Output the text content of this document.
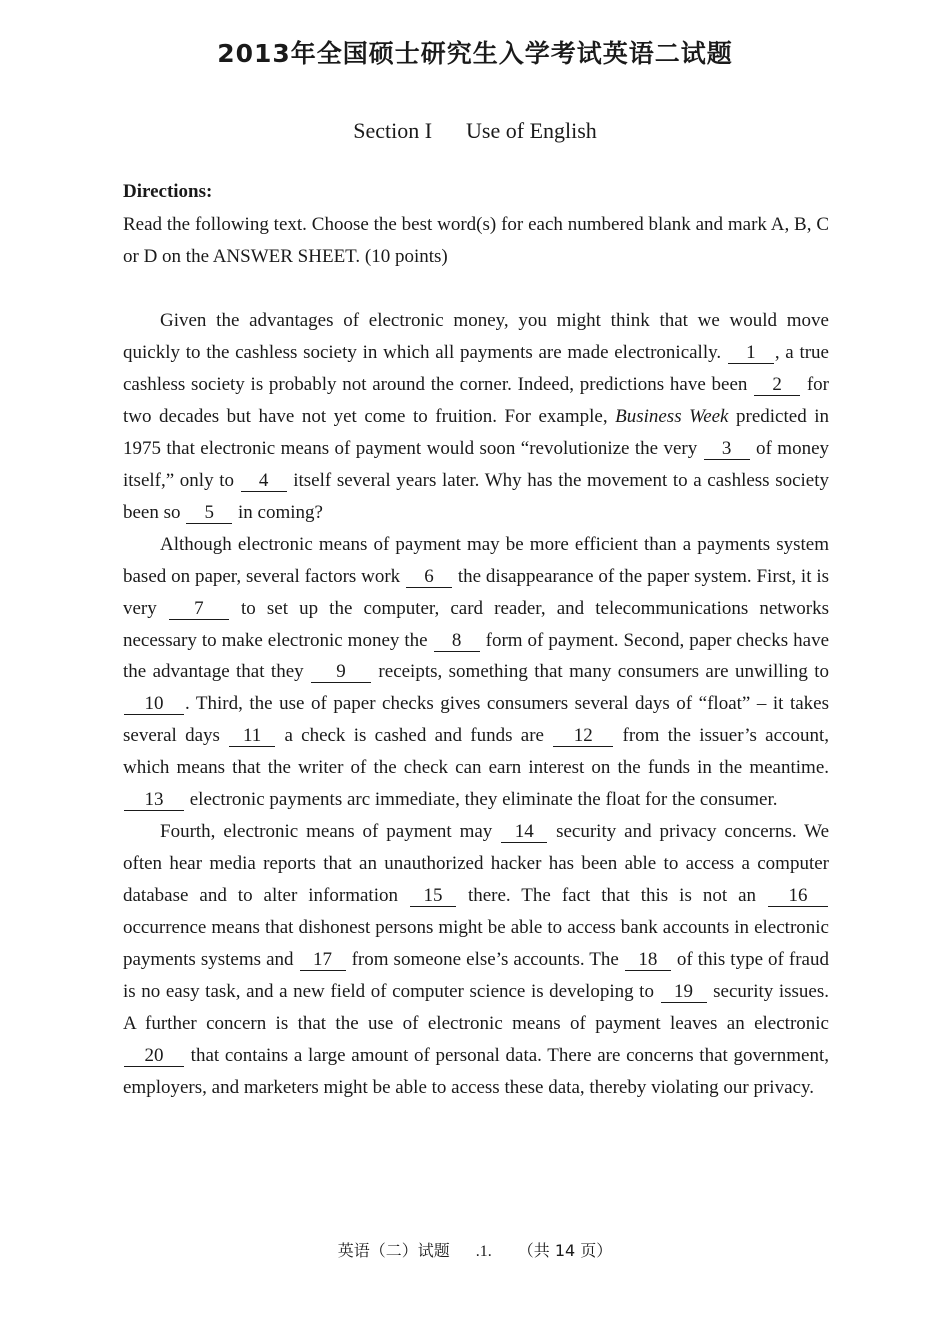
2013年全国硕士研究生入学考试英语二试题
Section I Use of English
Directions:
Read the following text. Choose the best word(s) for each numbered blank and mark A, B, C or D on the ANSWER SHEET. (10 points)

Given the advantages of electronic money, you might think that we would move quickly to the cashless society in which all payments are made electronically. 1 , a true cashless society is probably not around the corner. Indeed, predictions have been 2 for two decades but have not yet come to fruition. For example, Business Week predicted in 1975 that electronic means of payment would soon “revolutionize the very 3 of money itself,” only to 4 itself several years later. Why has the movement to a cashless society been so 5 in coming?

Although electronic means of payment may be more efficient than a payments system based on paper, several factors work 6 the disappearance of the paper system. First, it is very 7 to set up the computer, card reader, and telecommunications networks necessary to make electronic money the 8 form of payment. Second, paper checks have the advantage that they 9 receipts, something that many consumers are unwilling to 10 . Third, the use of paper checks gives consumers several days of “float” – it takes several days 11 a check is cashed and funds are 12 from the issuer’s account, which means that the writer of the check can earn interest on the funds in the meantime. 13 electronic payments arc immediate, they eliminate the float for the consumer.

Fourth, electronic means of payment may 14 security and privacy concerns. We often hear media reports that an unauthorized hacker has been able to access a computer database and to alter information 15 there. The fact that this is not an 16 occurrence means that dishonest persons might be able to access bank accounts in electronic payments systems and 17 from someone else’s accounts. The 18 of this type of fraud is no easy task, and a new field of computer science is developing to 19 security issues. A further concern is that the use of electronic means of payment leaves an electronic 20 that contains a large amount of personal data. There are concerns that government, employers, and marketers might be able to access these data, thereby violating our privacy.

英语（二）试题 .1. （共 14 页）
